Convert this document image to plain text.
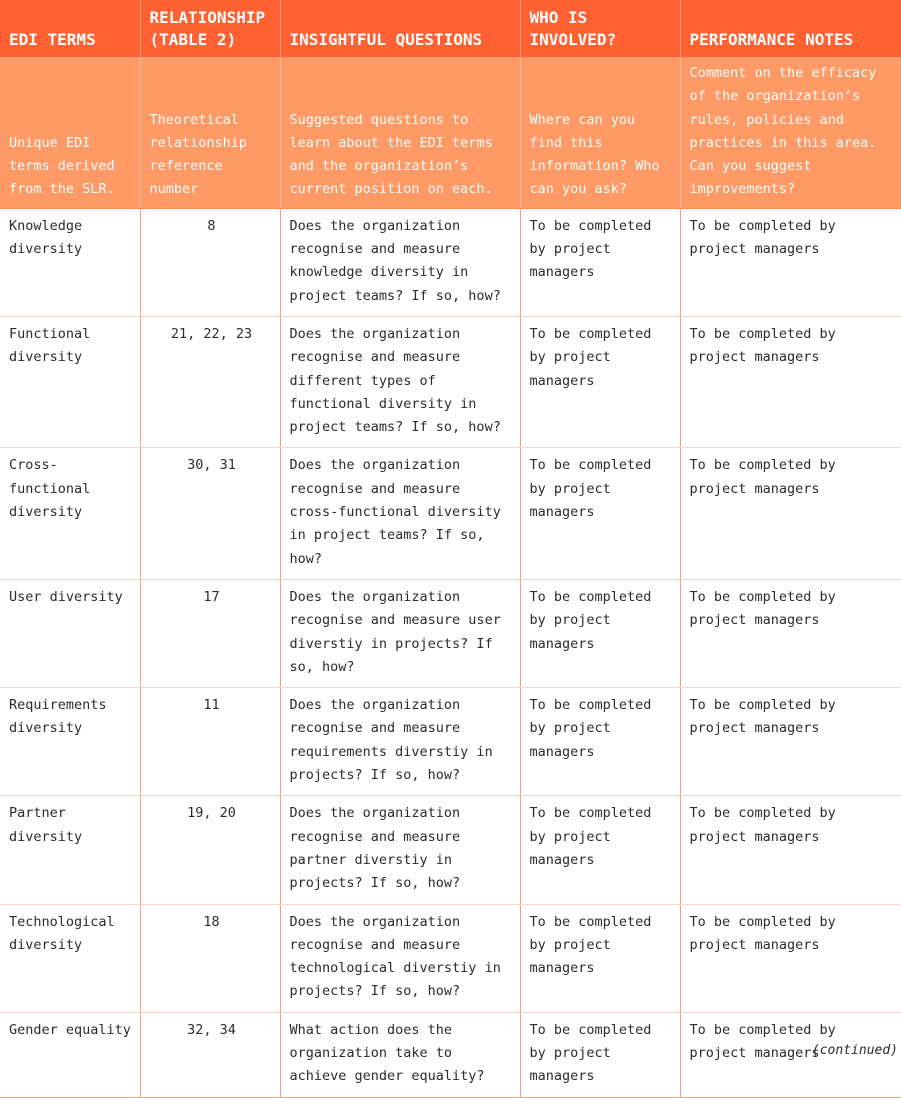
EDI TERMS	RELATIONSHIP (TABLE 2)	INSIGHTFUL QUESTIONS	WHO IS INVOLVED?	PERFORMANCE NOTES
Unique EDI terms derived from the SLR.	Theoretical relationship reference number	Suggested questions to learn about the EDI terms and the organization’s current position on each.	Where can you find this information? Who can you ask?	Comment on the efficacy of the organization’s rules, policies and practices in this area. Can you suggest improvements?
Knowledge diversity	8	Does the organization recognise and measure knowledge diversity in project teams? If so, how?	To be completed by project managers	To be completed by project managers
Functional diversity	21, 22, 23	Does the organization recognise and measure different types of functional diversity in project teams? If so, how?	To be completed by project managers	To be completed by project managers
Cross-functional diversity	30, 31	Does the organization recognise and measure cross-functional diversity in project teams? If so, how?	To be completed by project managers	To be completed by project managers
User diversity	17	Does the organization recognise and measure user diverstiy in projects? If so, how?	To be completed by project managers	To be completed by project managers
Requirements diversity	11	Does the organization recognise and measure requirements diverstiy in projects? If so, how?	To be completed by project managers	To be completed by project managers
Partner diversity	19, 20	Does the organization recognise and measure partner diverstiy in projects? If so, how?	To be completed by project managers	To be completed by project managers
Technological diversity	18	Does the organization recognise and measure technological diverstiy in projects? If so, how?	To be completed by project managers	To be completed by project managers
Gender equality	32, 34	What action does the organization take to achieve gender equality?	To be completed by project managers	To be completed by project managers
(continued)
